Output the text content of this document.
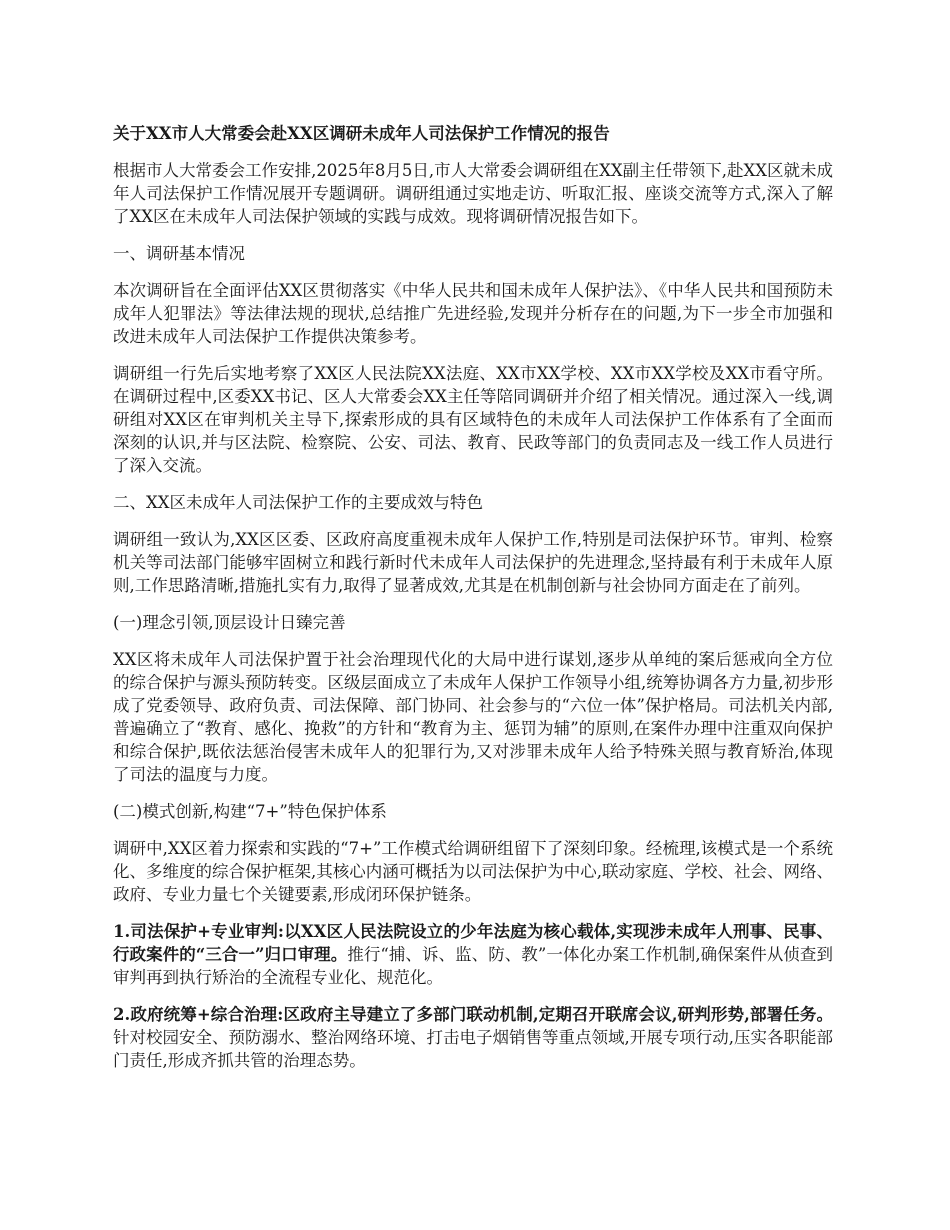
关于XX市人大常委会赴XX区调研未成年人司法保护工作情况的报告

根据市人大常委会工作安排,2025年8月5日,市人大常委会调研组在XX副主任带领下,赴XX区就未成年人司法保护工作情况展开专题调研。调研组通过实地走访、听取汇报、座谈交流等方式,深入了解了XX区在未成年人司法保护领域的实践与成效。现将调研情况报告如下。

一、调研基本情况

本次调研旨在全面评估XX区贯彻落实《中华人民共和国未成年人保护法》、《中华人民共和国预防未成年人犯罪法》等法律法规的现状,总结推广先进经验,发现并分析存在的问题,为下一步全市加强和改进未成年人司法保护工作提供决策参考。

调研组一行先后实地考察了XX区人民法院XX法庭、XX市XX学校、XX市XX学校及XX市看守所。在调研过程中,区委XX书记、区人大常委会XX主任等陪同调研并介绍了相关情况。通过深入一线,调研组对XX区在审判机关主导下,探索形成的具有区域特色的未成年人司法保护工作体系有了全面而深刻的认识,并与区法院、检察院、公安、司法、教育、民政等部门的负责同志及一线工作人员进行了深入交流。

二、XX区未成年人司法保护工作的主要成效与特色

调研组一致认为,XX区区委、区政府高度重视未成年人保护工作,特别是司法保护环节。审判、检察机关等司法部门能够牢固树立和践行新时代未成年人司法保护的先进理念,坚持最有利于未成年人原则,工作思路清晰,措施扎实有力,取得了显著成效,尤其是在机制创新与社会协同方面走在了前列。

(一)理念引领,顶层设计日臻完善

XX区将未成年人司法保护置于社会治理现代化的大局中进行谋划,逐步从单纯的案后惩戒向全方位的综合保护与源头预防转变。区级层面成立了未成年人保护工作领导小组,统筹协调各方力量,初步形成了党委领导、政府负责、司法保障、部门协同、社会参与的“六位一体”保护格局。司法机关内部,普遍确立了“教育、感化、挽救”的方针和“教育为主、惩罚为辅”的原则,在案件办理中注重双向保护和综合保护,既依法惩治侵害未成年人的犯罪行为,又对涉罪未成年人给予特殊关照与教育矫治,体现了司法的温度与力度。

(二)模式创新,构建“7+”特色保护体系

调研中,XX区着力探索和实践的“7+”工作模式给调研组留下了深刻印象。经梳理,该模式是一个系统化、多维度的综合保护框架,其核心内涵可概括为以司法保护为中心,联动家庭、学校、社会、网络、政府、专业力量七个关键要素,形成闭环保护链条。

1.司法保护+专业审判:以XX区人民法院设立的少年法庭为核心载体,实现涉未成年人刑事、民事、行政案件的“三合一”归口审理。推行“捕、诉、监、防、教”一体化办案工作机制,确保案件从侦查到审判再到执行矫治的全流程专业化、规范化。

2.政府统筹+综合治理:区政府主导建立了多部门联动机制,定期召开联席会议,研判形势,部署任务。针对校园安全、预防溺水、整治网络环境、打击电子烟销售等重点领域,开展专项行动,压实各职能部门责任,形成齐抓共管的治理态势。
